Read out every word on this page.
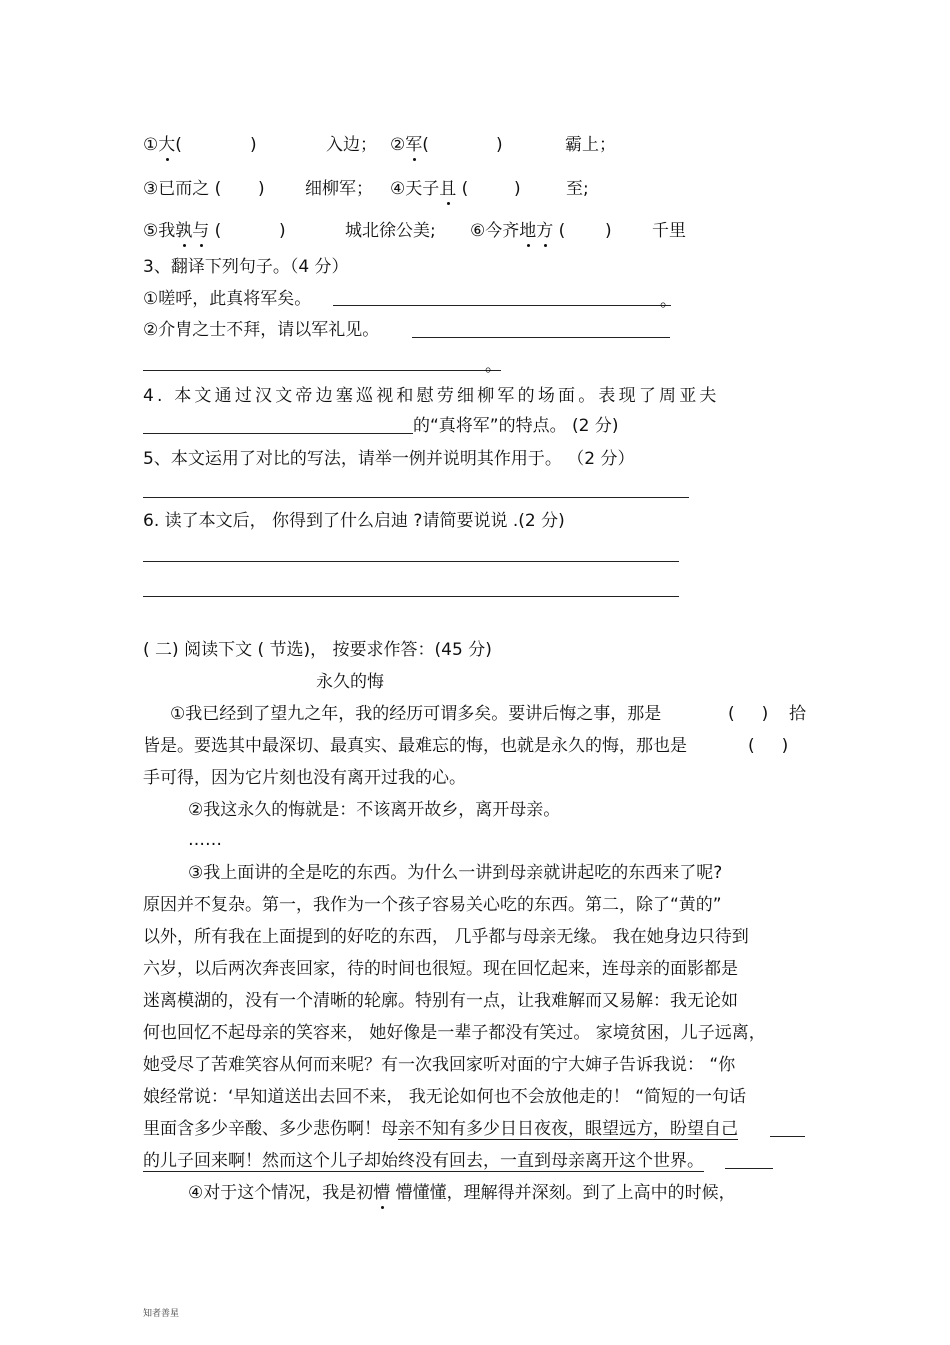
①大(	)	入边； ②军(	)	霸上；
③已而之 ( ) 细柳军； ④天子且 (	)	至;
⑤我孰与 (	)	城北徐公美; ⑥今齐地方 ( ) 千里
3、翻译下列句子。（4 分）
①嗟呼，此真将军矣。	。
②介胄之士不拜，请以军礼见。
。
4. 本文通过汉文帝边塞巡视和慰劳细柳军的场面。表现了周亚夫
的“真将军”的特点。 (2 分)
5、本文运用了对比的写法，请举一例并说明其作用于。 （2 分）
6. 读了本文后， 你得到了什么启迪 ?请简要说说 .(2 分)
( 二) 阅读下文 ( 节选)， 按要求作答：(45 分)
永久的悔
①我已经到了望九之年，我的经历可谓多矣。要讲后悔之事，那是	(     ) 拾
皆是。要选其中最深切、最真实、最难忘的悔，也就是永久的悔，那也是	(     )
手可得，因为它片刻也没有离开过我的心。
②我这永久的悔就是：不该离开故乡，离开母亲。
……
③我上面讲的全是吃的东西。为什么一讲到母亲就讲起吃的东西来了呢?
原因并不复杂。第一，我作为一个孩子容易关心吃的东西。第二，除了“黄的”
以外，所有我在上面提到的好吃的东西， 几乎都与母亲无缘。 我在她身边只待到
六岁，以后两次奔丧回家，待的时间也很短。现在回忆起来，连母亲的面影都是
迷离模湖的，没有一个清晰的轮廓。特别有一点，让我难解而又易解：我无论如
何也回忆不起母亲的笑容来， 她好像是一辈子都没有笑过。 家境贫困，儿子远离，
她受尽了苦难笑容从何而来呢？有一次我回家听对面的宁大婶子告诉我说： “你
娘经常说：‘早知道送出去回不来， 我无论如何也不会放他走的！ “简短的一句话
里面含多少辛酸、多少悲伤啊！母亲不知有多少日日夜夜，眼望远方，盼望自己
的儿子回来啊！然而这个儿子却始终没有回去，一直到母亲离开这个世界。
④对于这个情况，我是初懵 懵懂懂，理解得并深刻。到了上高中的时候，
知者善星
